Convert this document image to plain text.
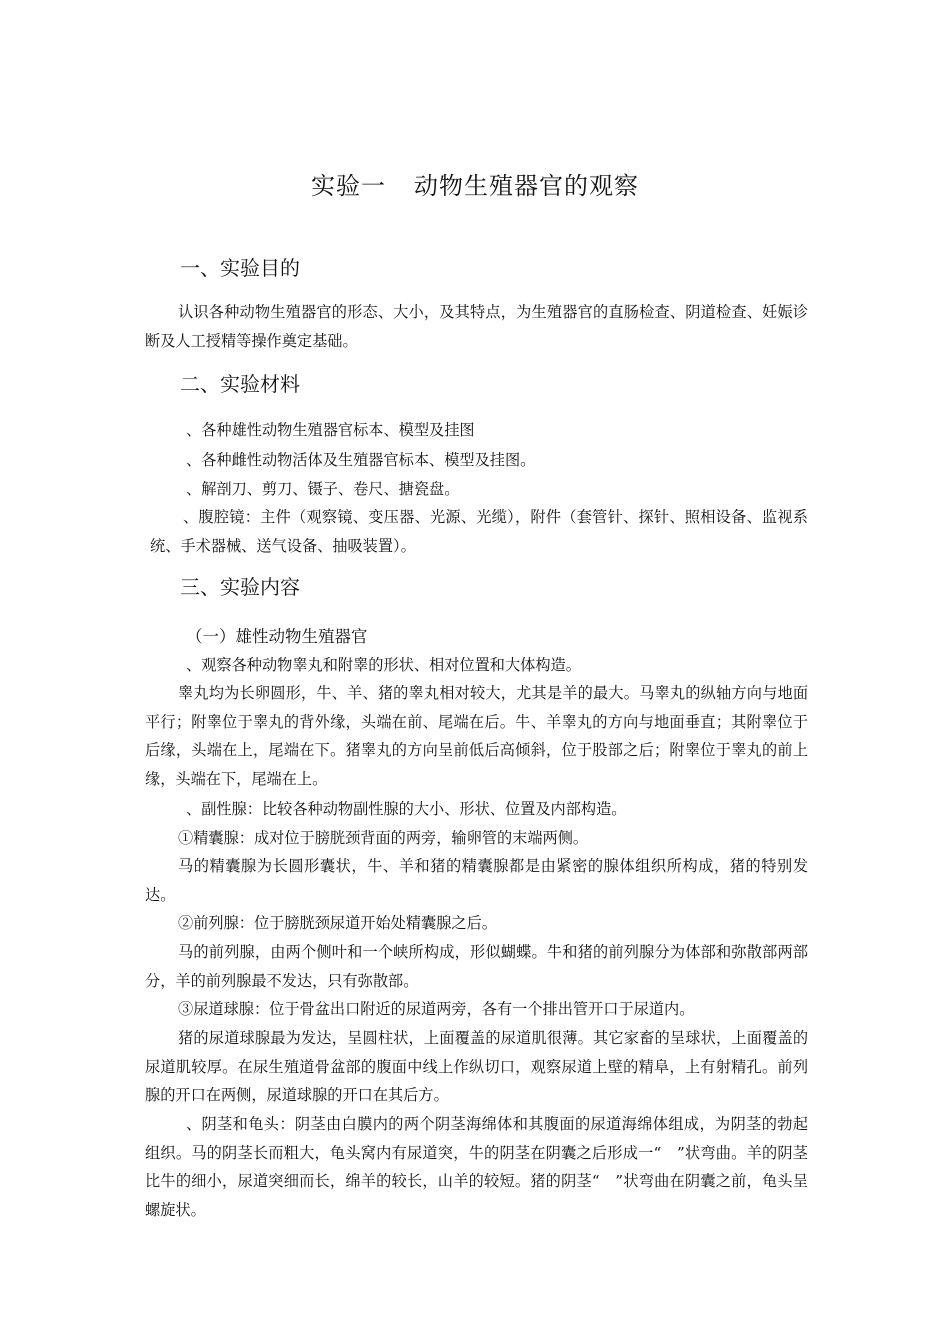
实验一 动物生殖器官的观察
一、实验目的

认识各种动物生殖器官的形态、大小，及其特点，为生殖器官的直肠检查、阴道检查、妊娠诊断及人工授精等操作奠定基础。

二、实验材料

、各种雄性动物生殖器官标本、模型及挂图

、各种雌性动物活体及生殖器官标本、模型及挂图。

、解剖刀、剪刀、镊子、卷尺、搪瓷盘。

、腹腔镜：主件（观察镜、变压器、光源、光缆），附件（套管针、探针、照相设备、监视系统、手术器械、送气设备、抽吸装置）。

三、实验内容

（一）雄性动物生殖器官

、观察各种动物睾丸和附睾的形状、相对位置和大体构造。

睾丸均为长卵圆形，牛、羊、猪的睾丸相对较大，尤其是羊的最大。马睾丸的纵轴方向与地面平行；附睾位于睾丸的背外缘，头端在前、尾端在后。牛、羊睾丸的方向与地面垂直；其附睾位于后缘，头端在上，尾端在下。猪睾丸的方向呈前低后高倾斜，位于股部之后；附睾位于睾丸的前上缘，头端在下，尾端在上。

、副性腺：比较各种动物副性腺的大小、形状、位置及内部构造。

①精囊腺：成对位于膀胱颈背面的两旁，输卵管的末端两侧。

马的精囊腺为长圆形囊状，牛、羊和猪的精囊腺都是由紧密的腺体组织所构成，猪的特别发达。

②前列腺：位于膀胱颈尿道开始处精囊腺之后。

马的前列腺，由两个侧叶和一个峡所构成，形似蝴蝶。牛和猪的前列腺分为体部和弥散部两部分，羊的前列腺最不发达，只有弥散部。

③尿道球腺：位于骨盆出口附近的尿道两旁，各有一个排出管开口于尿道内。

猪的尿道球腺最为发达，呈圆柱状，上面覆盖的尿道肌很薄。其它家畜的呈球状，上面覆盖的尿道肌较厚。在尿生殖道骨盆部的腹面中线上作纵切口，观察尿道上壁的精阜，上有射精孔。前列腺的开口在两侧，尿道球腺的开口在其后方。

、阴茎和龟头：阴茎由白膜内的两个阴茎海绵体和其腹面的尿道海绵体组成，为阴茎的勃起组织。马的阴茎长而粗大，龟头窝内有尿道突，牛的阴茎在阴囊之后形成一“　”状弯曲。羊的阴茎比牛的细小，尿道突细而长，绵羊的较长，山羊的较短。猪的阴茎“　”状弯曲在阴囊之前，龟头呈螺旋状。
